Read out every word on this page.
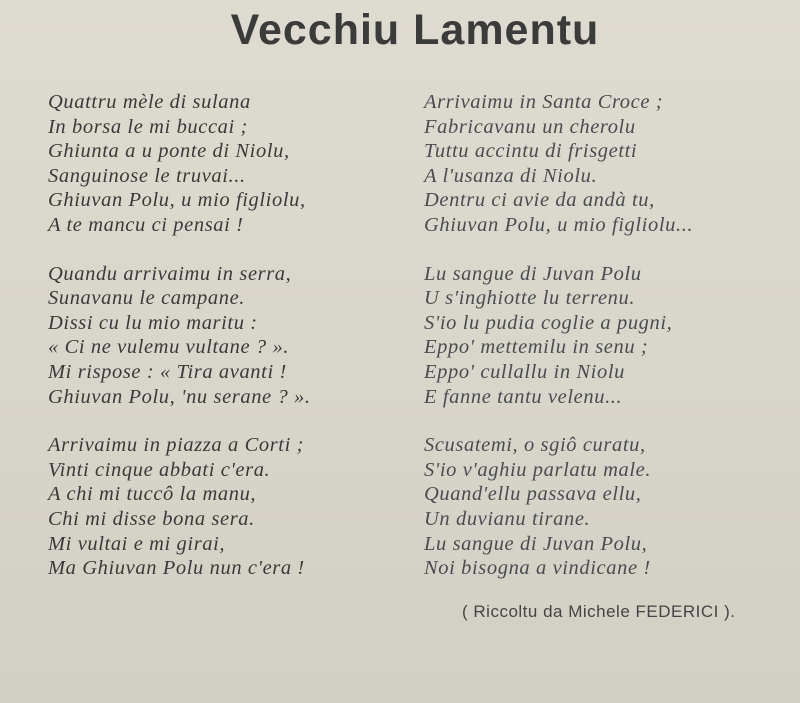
Vecchiu Lamentu
Quattru mèle di sulana
In borsa le mi buccai ;
Ghiunta a u ponte di Niolu,
Sanguinose le truvai...
Ghiuvan Polu, u mio figliolu,
A te mancu ci pensai !
Quandu arrivaimu in serra,
Sunavanu le campane.
Dissi cu lu mio maritu :
« Ci ne vulemu vultane ? ».
Mi rispose : « Tira avanti !
Ghiuvan Polu, 'nu serane ? ».
Arrivaimu in piazza a Corti ;
Vinti cinque abbati c'era.
A chi mi tuccô la manu,
Chi mi disse bona sera.
Mi vultai e mi girai,
Ma Ghiuvan Polu nun c'era !
Arrivaimu in Santa Croce ;
Fabricavanu un cherolu
Tuttu accintu di frisgetti
A l'usanza di Niolu.
Dentru ci avie da andà tu,
Ghiuvan Polu, u mio figliolu...
Lu sangue di Juvan Polu
U s'inghiotte lu terrenu.
S'io lu pudia coglie a pugni,
Eppo' mettemilu in senu ;
Eppo' cullallu in Niolu
E fanne tantu velenu...
Scusatemi, o sgiô curatu,
S'io v'aghiu parlatu male.
Quand'ellu passava ellu,
Un duvianu tirane.
Lu sangue di Juvan Polu,
Noi bisogna a vindicane !
( Riccoltu da Michele FEDERICI ).
